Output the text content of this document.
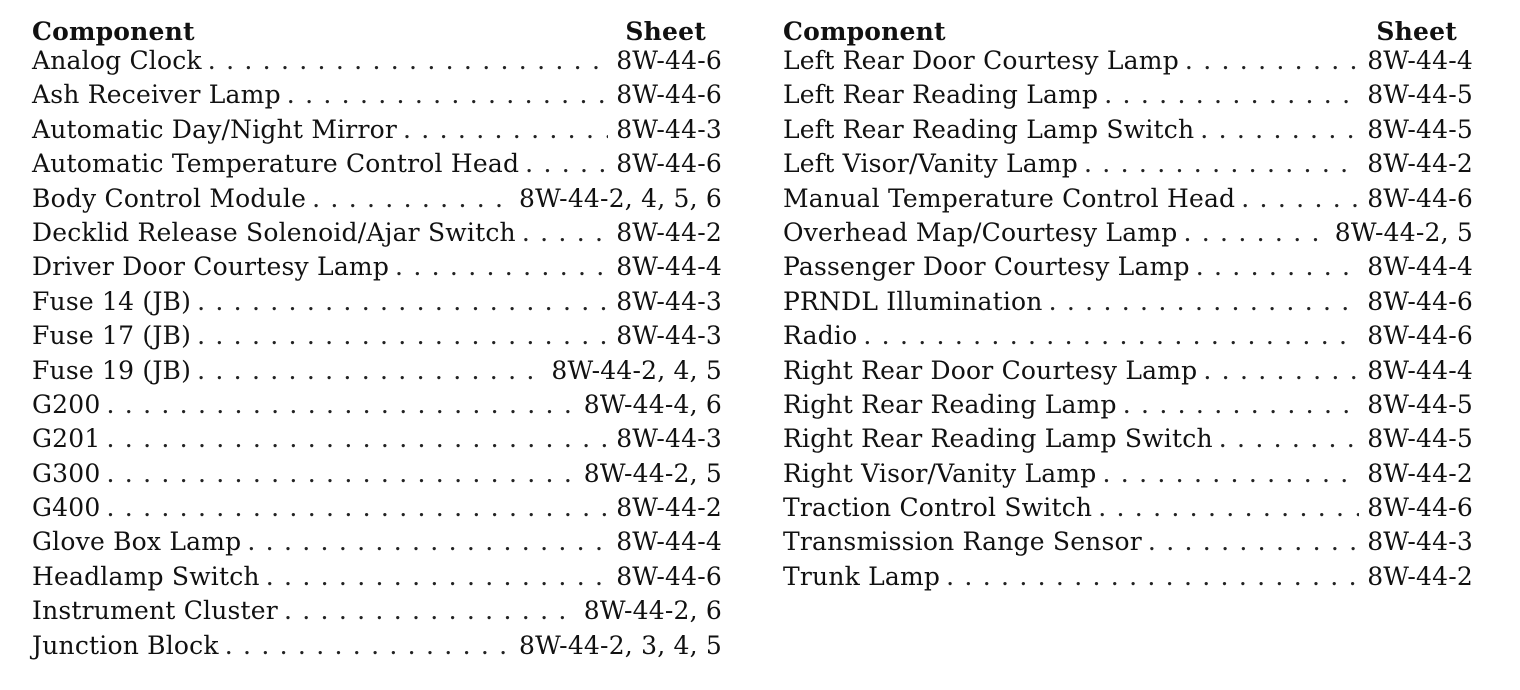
Component	Sheet
Analog Clock . . .	8W-44-6
Ash Receiver Lamp . . .	8W-44-6
Automatic Day/Night Mirror . . .	8W-44-3
Automatic Temperature Control Head . . .	8W-44-6
Body Control Module . . .	8W-44-2, 4, 5, 6
Decklid Release Solenoid/Ajar Switch . . .	8W-44-2
Driver Door Courtesy Lamp . . .	8W-44-4
Fuse 14 (JB) . . .	8W-44-3
Fuse 17 (JB) . . .	8W-44-3
Fuse 19 (JB) . . .	8W-44-2, 4, 5
G200 . . .	8W-44-4, 6
G201 . . .	8W-44-3
G300 . . .	8W-44-2, 5
G400 . . .	8W-44-2
Glove Box Lamp . . .	8W-44-4
Headlamp Switch . . .	8W-44-6
Instrument Cluster . . .	8W-44-2, 6
Junction Block . . .	8W-44-2, 3, 4, 5
Component	Sheet
Left Rear Door Courtesy Lamp . . .	8W-44-4
Left Rear Reading Lamp . . .	8W-44-5
Left Rear Reading Lamp Switch . . .	8W-44-5
Left Visor/Vanity Lamp . . .	8W-44-2
Manual Temperature Control Head . . .	8W-44-6
Overhead Map/Courtesy Lamp . . .	8W-44-2, 5
Passenger Door Courtesy Lamp . . .	8W-44-4
PRNDL Illumination . . .	8W-44-6
Radio . . .	8W-44-6
Right Rear Door Courtesy Lamp . . .	8W-44-4
Right Rear Reading Lamp . . .	8W-44-5
Right Rear Reading Lamp Switch . . .	8W-44-5
Right Visor/Vanity Lamp . . .	8W-44-2
Traction Control Switch . . .	8W-44-6
Transmission Range Sensor . . .	8W-44-3
Trunk Lamp . . .	8W-44-2
